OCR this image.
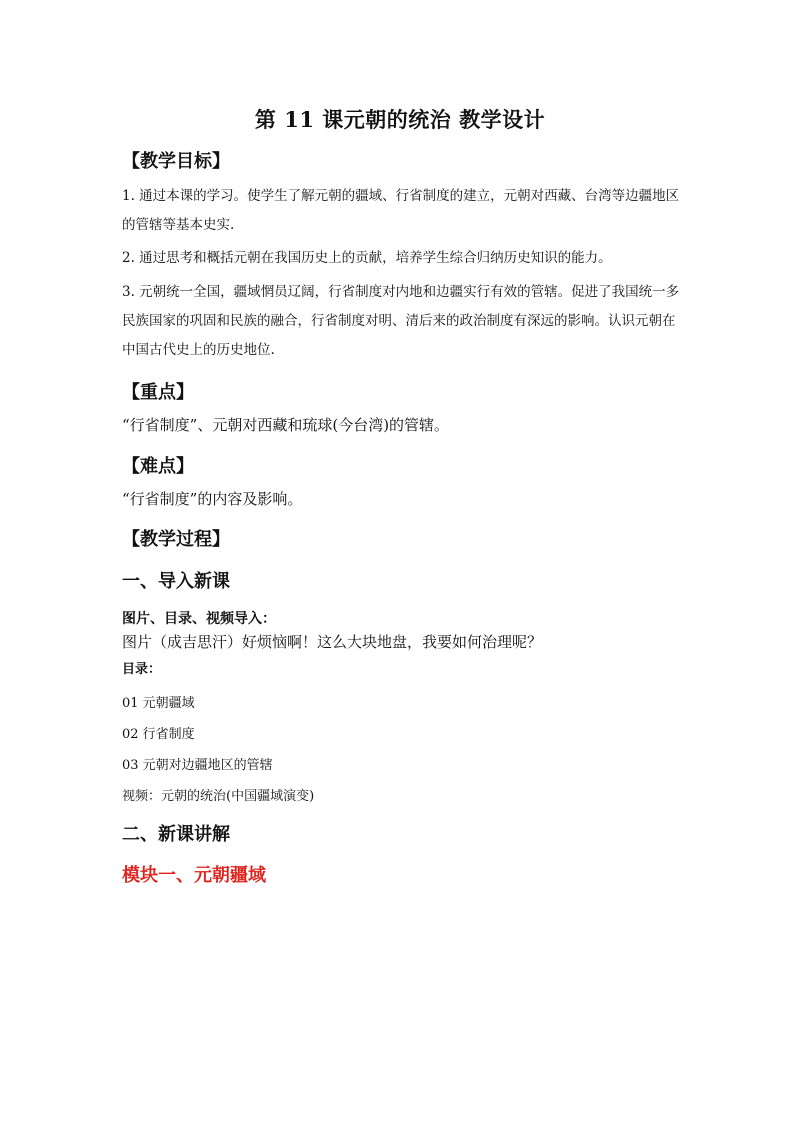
第 11 课元朝的统治 教学设计
【教学目标】
1. 通过本课的学习。使学生了解元朝的疆域、行省制度的建立，元朝对西藏、台湾等边疆地区的管辖等基本史实.
2. 通过思考和概括元朝在我国历史上的贡献，培养学生综合归纳历史知识的能力。
3. 元朝统一全国，疆域惘员辽阔，行省制度对内地和边疆实行有效的管辖。促进了我国统一多民族国家的巩固和民族的融合，行省制度对明、清后来的政治制度有深远的影响。认识元朝在中国古代史上的历史地位.
【重点】
“行省制度”、元朝对西藏和琉球(今台湾)的管辖。
【难点】
“行省制度”的内容及影响。
【教学过程】
一、导入新课
图片、目录、视频导入：
图片（成吉思汗）好烦恼啊！这么大块地盘，我要如何治理呢？
目录：
01 元朝疆域
02 行省制度
03 元朝对边疆地区的管辖
视频：元朝的统治(中国疆域演变)
二、新课讲解
模块一、元朝疆域
